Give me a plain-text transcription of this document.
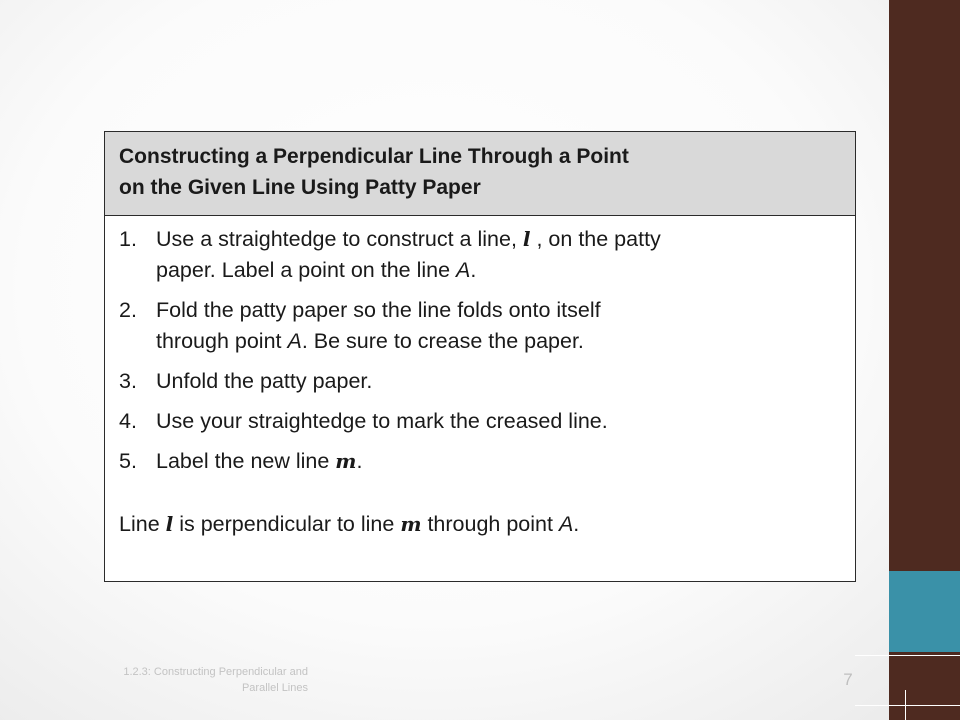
Constructing a Perpendicular Line Through a Point
on the Given Line Using Patty Paper
1. Use a straightedge to construct a line, l , on the patty
paper. Label a point on the line A.
2. Fold the patty paper so the line folds onto itself
through point A. Be sure to crease the paper.
3. Unfold the patty paper.
4. Use your straightedge to mark the creased line.
5. Label the new line m.
Line l is perpendicular to line m through point A.
1.2.3: Constructing Perpendicular and
Parallel Lines	7
